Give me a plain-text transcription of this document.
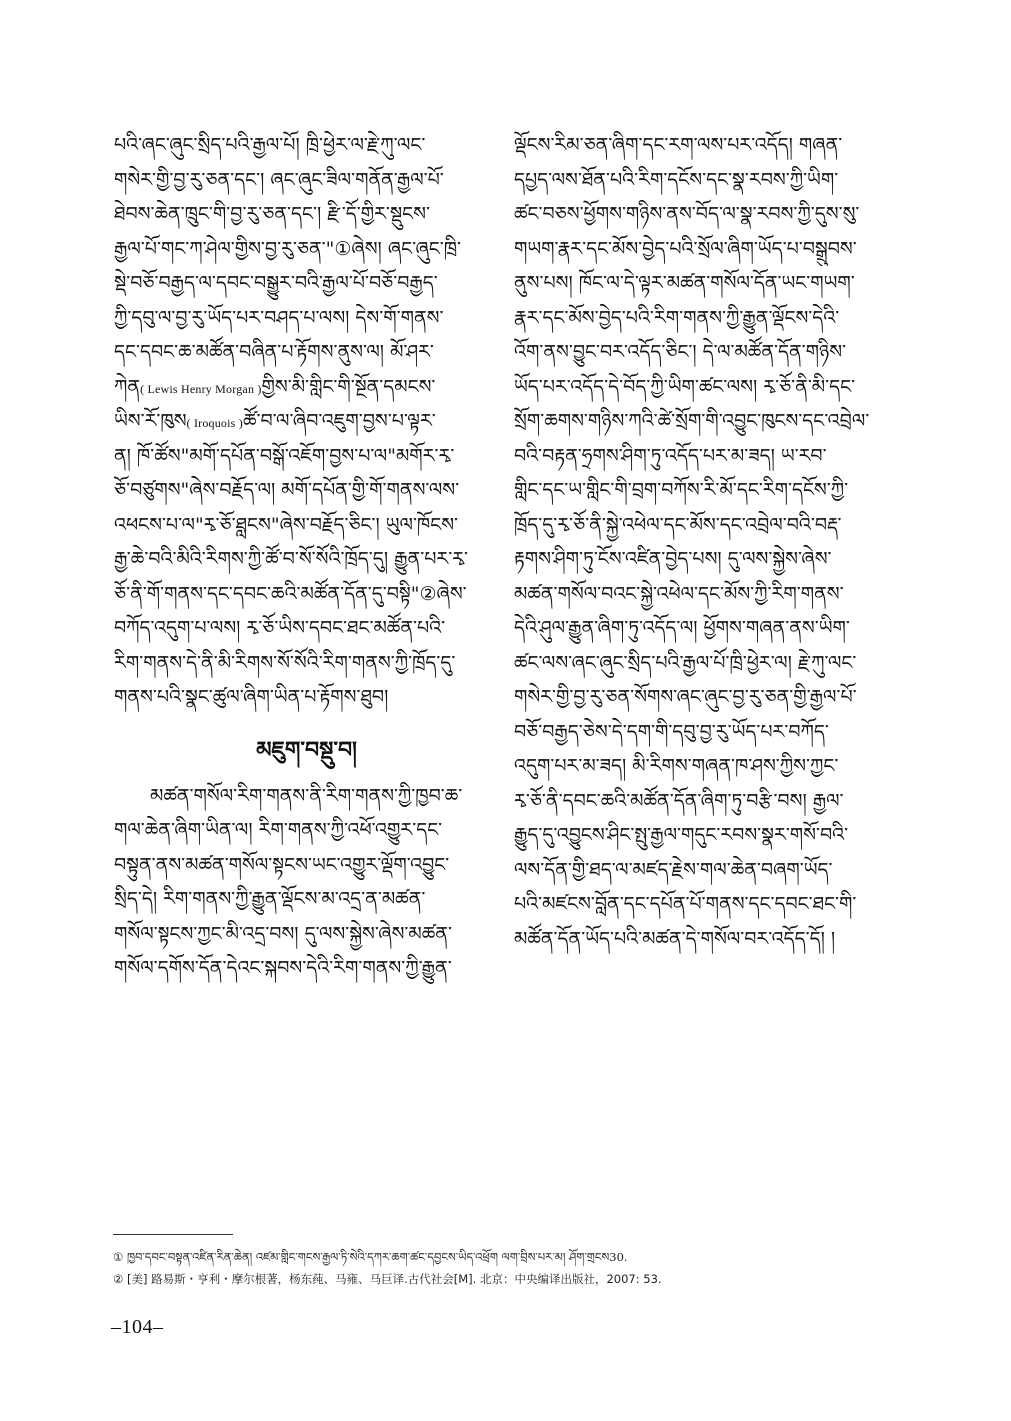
པའི་ཞང་ཞུང་སྲིད་པའི་རྒྱལ་པོ། ཁྲི་ཕྱེར་ལ་རྗེ་ཀུ་ལང་
གསེར་གྱི་བྱ་རུ་ཅན་དང་། ཞང་ཞུང་ཟིལ་གནོན་རྒྱལ་པོ་
ཐེབས་ཆེན་ཁྲུང་གི་བྱ་རུ་ཅན་དང་། རྫི་དོ་གྱིར་སྡུངས་
རྒྱལ་པོ་གང་ཀ་ཤེལ་གྱིས་བྱ་རུ་ཅན་"①ཞེས། ཞང་ཞུང་ཁྲི་
སྡེ་བཅོ་བརྒྱད་ལ་དབང་བསྒྱུར་བའི་རྒྱལ་པོ་བཅོ་བརྒྱད་
ཀྱི་དབུ་ལ་བྱ་རུ་ཡོད་པར་བཤད་པ་ལས། དེས་གོ་གནས་
དང་དབང་ཆ་མཚོན་བཞིན་པ་རྟོགས་ནུས་ལ། མོ་ཤར་
ཀེན( Lewis Henry Morgan )གྱིས་མི་གླིང་གི་སྔོན་དམངས་
ཡིས་རོ་ཁུས( Iroquois )ཚོ་བ་ལ་ཞིབ་འཇུག་བྱས་པ་ལྟར་
ན། ཁོ་ཚོས"མགོ་དཔོན་བསྒོ་འཇོག་བྱས་པ་ལ"མགོར་རྭ་
ཅོ་བཙུགས"ཞེས་བརྗོད་ལ། མགོ་དཔོན་གྱི་གོ་གནས་ལས་
འཕངས་པ་ལ"རྭ་ཅོ་ཐླངས"ཞེས་བརྗོད་ཅིང་། ཡུལ་ཁོངས་
རྒྱ་ཆེ་བའི་མིའི་རིགས་ཀྱི་ཚོ་བ་སོ་སོའི་ཁྲོད་དུ། རྒྱུན་པར་རྭ་
ཅོ་ནི་གོ་གནས་དང་དབང་ཆའི་མཚོན་དོན་དུ་བསྟི"②ཞེས་
བཀོད་འདུག་པ་ལས། རྭ་ཅོ་ཡིས་དབང་ཐང་མཚོན་པའི་
རིག་གནས་དེ་ནི་མི་རིགས་སོ་སོའི་རིག་གནས་ཀྱི་ཁྲོད་དུ་
གནས་པའི་སྣང་ཚུལ་ཞིག་ཡིན་པ་རྟོགས་ཐུབ།
མཇུག་བསྡུ་བ།
མཚན་གསོལ་རིག་གནས་ནི་རིག་གནས་ཀྱི་ཁྱབ་ཆ་
གལ་ཆེན་ཞིག་ཡིན་ལ། རིག་གནས་ཀྱི་འཕོ་འགྱུར་དང་
བསྟུན་ནས་མཚན་གསོལ་སྟངས་ཡང་འགྱུར་ལྡོག་འབྱུང་
སྲིད་དེ། རིག་གནས་ཀྱི་རྒྱུན་ལྡོངས་མ་འདྲ་ན་མཚན་
གསོལ་སྟངས་ཀྱང་མི་འདྲ་བས། དུ་ལས་སྐྱེས་ཞེས་མཚན་
གསོལ་དགོས་དོན་དེའང་སྐབས་དེའི་རིག་གནས་ཀྱི་རྒྱུན་
ལྡོངས་རིམ་ཅན་ཞིག་དང་རག་ལས་པར་འདོད། གཞན་
དཔྱད་ལས་ཐོན་པའི་རིག་དངོས་དང་སྣ་རབས་ཀྱི་ཡིག་
ཚང་བཅས་ཕྱོགས་གཉིས་ནས་བོད་ལ་སྣ་རབས་ཀྱི་དུས་སུ་
གཡག་རྣར་དང་མོས་བྱེད་པའི་སྲོལ་ཞིག་ཡོད་པ་བསྒྲུབས་
ནུས་པས། ཁོང་ལ་དེ་ལྟར་མཚན་གསོལ་དོན་ཡང་གཡག་
རྣར་དང་མོས་བྱེད་པའི་རིག་གནས་ཀྱི་རྒྱུན་ལྡོངས་དེའི་
འོག་ནས་བྱུང་བར་འདོད་ཅིང་། དེ་ལ་མཚོན་དོན་གཉིས་
ཡོད་པར་འདོད་དེ་བོད་ཀྱི་ཡིག་ཚང་ལས། རྭ་ཅོ་ནི་མི་དང་
སྲོག་ཆགས་གཉིས་ཀའི་ཚེ་སྲོག་གི་འབྱུང་ཁུངས་དང་འབྲེལ་
བའི་བརྟན་ཧྲགས་ཤིག་ཏུ་འདོད་པར་མ་ཟད། ཡ་རབ་
གླིང་དང་ཡ་གླིང་གི་བྲག་བཀོས་རི་མོ་དང་རིག་དངོས་ཀྱི་
ཁྲོད་དུ་རྭ་ཅོ་ནི་སྐྱེ་འཕེལ་དང་མོས་དང་འབྲེལ་བའི་བརྡ་
རྟགས་ཤིག་ཏུ་ངོས་འཛིན་བྱེད་པས། དུ་ལས་སྐྱེས་ཞེས་
མཚན་གསོལ་བའང་སྐྱེ་འཕེལ་དང་མོས་ཀྱི་རིག་གནས་
དེའི་ཤུལ་རྒྱུན་ཞིག་ཏུ་འདོད་ལ། ཕྱོགས་གཞན་ནས་ཡིག་
ཚང་ལས་ཞང་ཞུང་སྲིད་པའི་རྒྱལ་པོ་ཁྲི་ཕྱེར་ལ། རྗེ་ཀུ་ལང་
གསེར་གྱི་བྱ་རུ་ཅན་སོགས་ཞང་ཞུང་བྱ་རུ་ཅན་གྱི་རྒྱལ་པོ་
བཅོ་བརྒྱད་ཅེས་དེ་དག་གི་དབུ་བྱ་རུ་ཡོད་པར་བཀོད་
འདུག་པར་མ་ཟད། མི་རིགས་གཞན་ཁ་ཤས་ཀྱིས་ཀྱང་
རྭ་ཅོ་ནི་དབང་ཆའི་མཚོན་དོན་ཞིག་ཏུ་བརྩི་བས། རྒྱལ་
རྒྱུད་དུ་འབྱུངས་ཤིང་སྤུ་རྒྱལ་གདུང་རབས་སྣར་གསོ་བའི་
ལས་དོན་གྱི་ཐད་ལ་མཛད་རྗེས་གལ་ཆེན་བཞག་ཡོད་
པའི་མཛངས་བློན་དང་དཔོན་པོ་གནས་དང་དབང་ཐང་གི་
མཚོན་དོན་ཡོད་པའི་མཚན་དེ་གསོལ་བར་འདོད་དོ། །
① ཁྱབ་དབང་བསྟན་འཛིན་རིན་ཆེན། འཛམ་གླིང་གངས་རྒྱལ་ཏི་སེའི་དཀར་ཆག་ཚང་དབྱངས་ཡིད་འཕྲོག ལག་བྲིས་པར་མ། ཤོག་གྲངས30.
② [美] 路易斯・亨利・摩尔根著，杨东莼、马雍、马巨译.古代社会[M]. 北京：中央编译出版社，2007: 53.
–104–
